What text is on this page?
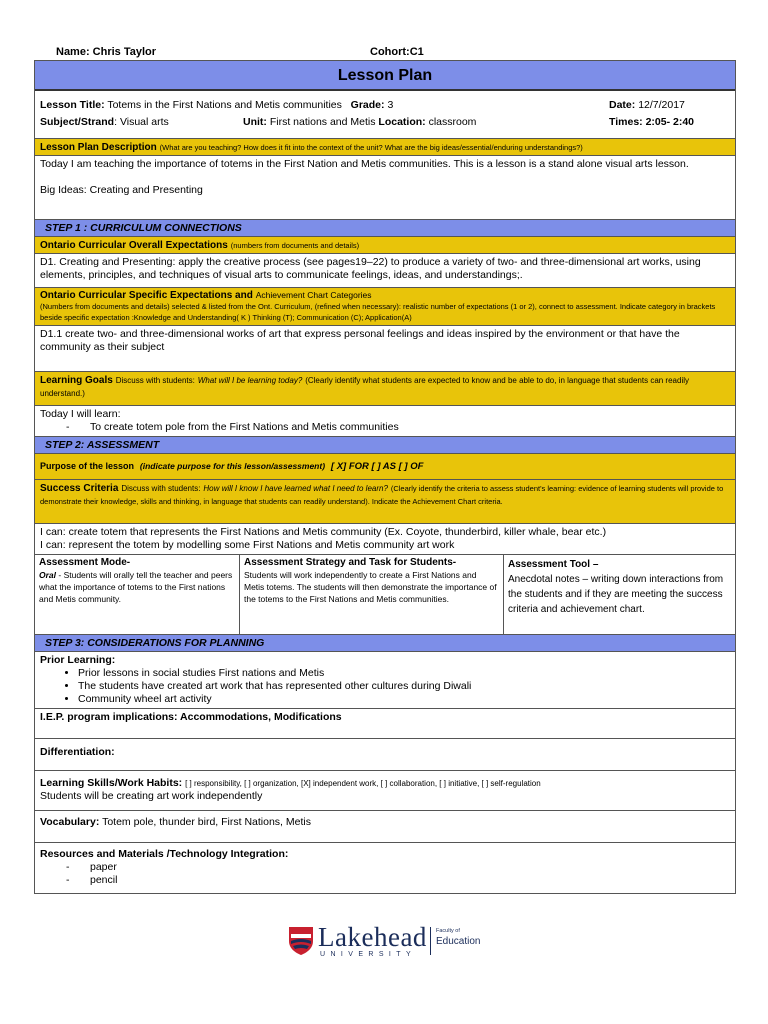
Name: Chris Taylor	Cohort:C1
Lesson Plan
Lesson Title: Totems in the First Nations and Metis communities Grade: 3	Date: 12/7/2017
Subject/Strand: Visual arts	Unit: First nations and Metis Location: classroom	Times: 2:05- 2:40
Lesson Plan Description (What are you teaching? How does it fit into the context of the unit? What are the big ideas/essential/enduring understandings?)
Today I am teaching the importance of totems in the First Nation and Metis communities. This is a lesson is a stand alone visual arts lesson.
Big Ideas: Creating and Presenting
STEP 1 : CURRICULUM CONNECTIONS
Ontario Curricular Overall Expectations (numbers from documents and details)
D1. Creating and Presenting: apply the creative process (see pages19–22) to produce a variety of two- and three-dimensional art works, using elements, principles, and techniques of visual arts to communicate feelings, ideas, and understandings;.
Ontario Curricular Specific Expectations and Achievement Chart Categories
(Numbers from documents and details) selected & listed from the Ont. Curriculum, (refined when necessary): realistic number of expectations (1 or 2), connect to assessment. Indicate category in brackets beside specific expectation :Knowledge and Understanding( K ) Thinking (T); Communication (C); Application(A)
D1.1 create two- and three-dimensional works of art that express personal feelings and ideas inspired by the environment or that have the community as their subject
Learning Goals Discuss with students: What will I be learning today? (Clearly identify what students are expected to know and be able to do, in language that students can readily understand.)
Today I will learn:
- To create totem pole from the First Nations and Metis communities
STEP 2: ASSESSMENT
Purpose of the lesson (indicate purpose for this lesson/assessment) [ X] FOR [ ] AS [ ] OF
Success Criteria Discuss with students: How will I know I have learned what I need to learn? (Clearly identify the criteria to assess student's learning: evidence of learning students will provide to demonstrate their knowledge, skills and thinking, in language that students can readily understand). Indicate the Achievement Chart criteria.
I can: create totem that represents the First Nations and Metis community (Ex. Coyote, thunderbird, killer whale, bear etc.)
I can: represent the totem by modelling some First Nations and Metis community art work
Assessment Mode-
Oral - Students will orally tell the teacher and peers what the importance of totems to the First nations and Metis community.
Assessment Strategy and Task for Students-
Students will work independently to create a First Nations and Metis totems. The students will then demonstrate the importance of the totems to the First Nations and Metis communities.
Assessment Tool –
Anecdotal notes – writing down interactions from the students and if they are meeting the success criteria and achievement chart.
STEP 3: CONSIDERATIONS FOR PLANNING
Prior Learning:
• Prior lessons in social studies First nations and Metis
• The students have created art work that has represented other cultures during Diwali
• Community wheel art activity
I.E.P. program implications: Accommodations, Modifications
Differentiation:
Learning Skills/Work Habits: [ ] responsibility, [ ] organization, [X] independent work, [ ] collaboration, [ ] initiative, [ ] self-regulation
Students will be creating art work independently
Vocabulary: Totem pole, thunder bird, First Nations, Metis
Resources and Materials /Technology Integration:
- paper
- pencil
Lakehead
UNIVERSITY
Faculty of
Education
